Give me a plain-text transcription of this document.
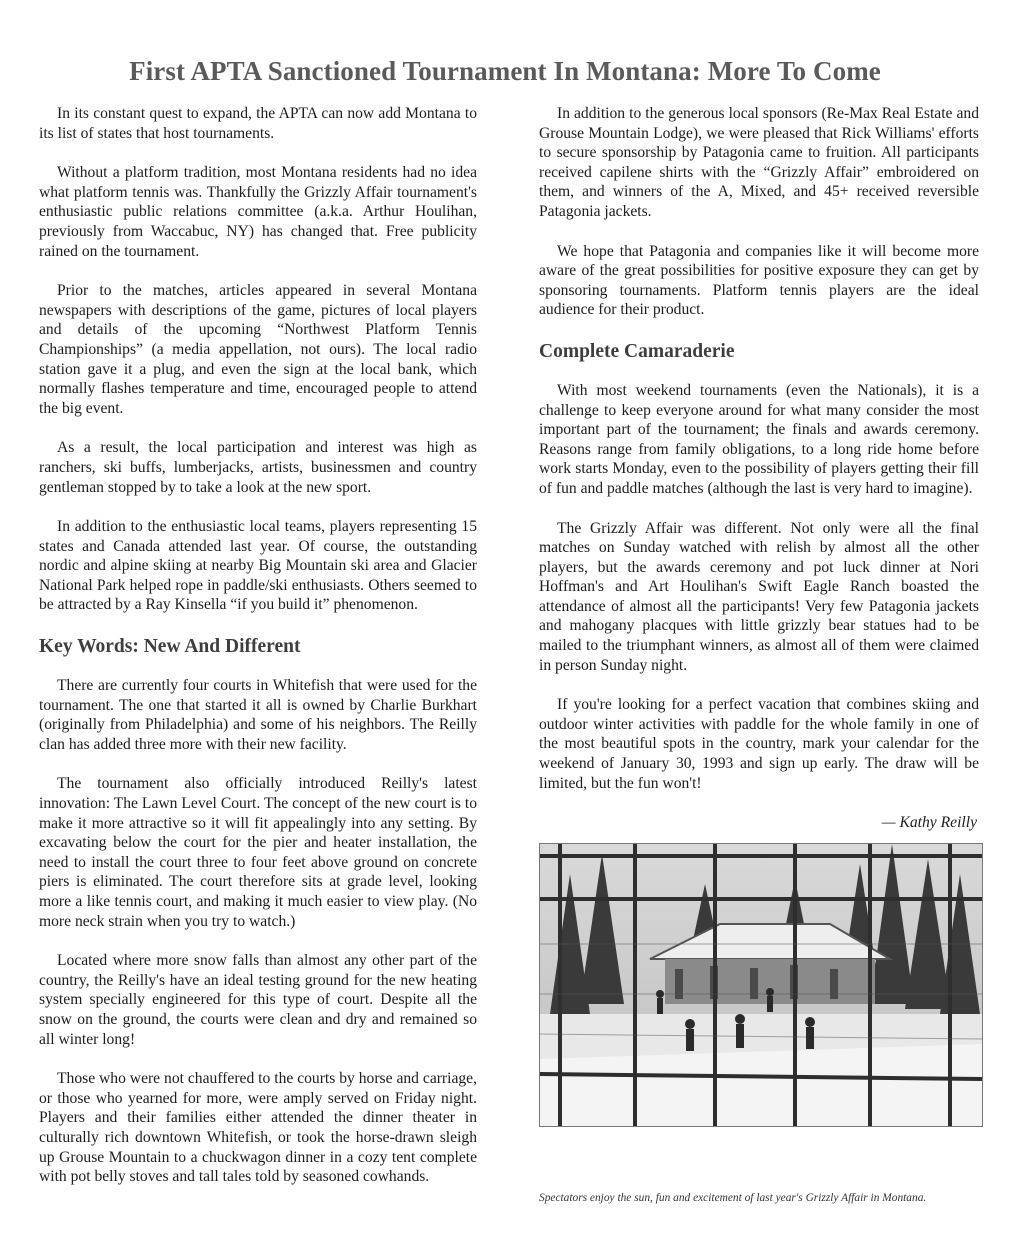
First APTA Sanctioned Tournament In Montana: More To Come

In its constant quest to expand, the APTA can now add Montana to its list of states that host tournaments.

Without a platform tradition, most Montana residents had no idea what platform tennis was. Thankfully the Grizzly Affair tournament's enthusiastic public relations committee (a.k.a. Arthur Houlihan, previously from Waccabuc, NY) has changed that. Free publicity rained on the tournament.

Prior to the matches, articles appeared in several Montana newspapers with descriptions of the game, pictures of local players and details of the upcoming “Northwest Platform Tennis Championships” (a media appellation, not ours). The local radio station gave it a plug, and even the sign at the local bank, which normally flashes temperature and time, encouraged people to attend the big event.

As a result, the local participation and interest was high as ranchers, ski buffs, lumberjacks, artists, businessmen and country gentleman stopped by to take a look at the new sport.

In addition to the enthusiastic local teams, players representing 15 states and Canada attended last year. Of course, the outstanding nordic and alpine skiing at nearby Big Mountain ski area and Glacier National Park helped rope in paddle/ski enthusiasts. Others seemed to be attracted by a Ray Kinsella “if you build it” phenomenon.

Key Words: New And Different

There are currently four courts in Whitefish that were used for the tournament. The one that started it all is owned by Charlie Burkhart (originally from Philadelphia) and some of his neighbors. The Reilly clan has added three more with their new facility.

The tournament also officially introduced Reilly's latest innovation: The Lawn Level Court. The concept of the new court is to make it more attractive so it will fit appealingly into any setting. By excavating below the court for the pier and heater installation, the need to install the court three to four feet above ground on concrete piers is eliminated. The court therefore sits at grade level, looking more a like tennis court, and making it much easier to view play. (No more neck strain when you try to watch.)

Located where more snow falls than almost any other part of the country, the Reilly's have an ideal testing ground for the new heating system specially engineered for this type of court. Despite all the snow on the ground, the courts were clean and dry and remained so all winter long!

Those who were not chauffered to the courts by horse and carriage, or those who yearned for more, were amply served on Friday night. Players and their families either attended the dinner theater in culturally rich downtown Whitefish, or took the horse-drawn sleigh up Grouse Mountain to a chuckwagon dinner in a cozy tent complete with pot belly stoves and tall tales told by seasoned cowhands.

In addition to the generous local sponsors (Re-Max Real Estate and Grouse Mountain Lodge), we were pleased that Rick Williams' efforts to secure sponsorship by Patagonia came to fruition. All participants received capilene shirts with the “Grizzly Affair” embroidered on them, and winners of the A, Mixed, and 45+ received reversible Patagonia jackets.

We hope that Patagonia and companies like it will become more aware of the great possibilities for positive exposure they can get by sponsoring tournaments. Platform tennis players are the ideal audience for their product.

Complete Camaraderie

With most weekend tournaments (even the Nationals), it is a challenge to keep everyone around for what many consider the most important part of the tournament; the finals and awards ceremony. Reasons range from family obligations, to a long ride home before work starts Monday, even to the possibility of players getting their fill of fun and paddle matches (although the last is very hard to imagine).

The Grizzly Affair was different. Not only were all the final matches on Sunday watched with relish by almost all the other players, but the awards ceremony and pot luck dinner at Nori Hoffman's and Art Houlihan's Swift Eagle Ranch boasted the attendance of almost all the participants! Very few Patagonia jackets and mahogany placques with little grizzly bear statues had to be mailed to the triumphant winners, as almost all of them were claimed in person Sunday night.

If you're looking for a perfect vacation that combines skiing and outdoor winter activities with paddle for the whole family in one of the most beautiful spots in the country, mark your calendar for the weekend of January 30, 1993 and sign up early. The draw will be limited, but the fun won't!

— Kathy Reilly

Spectators enjoy the sun, fun and excitement of last year's Grizzly Affair in Montana.
